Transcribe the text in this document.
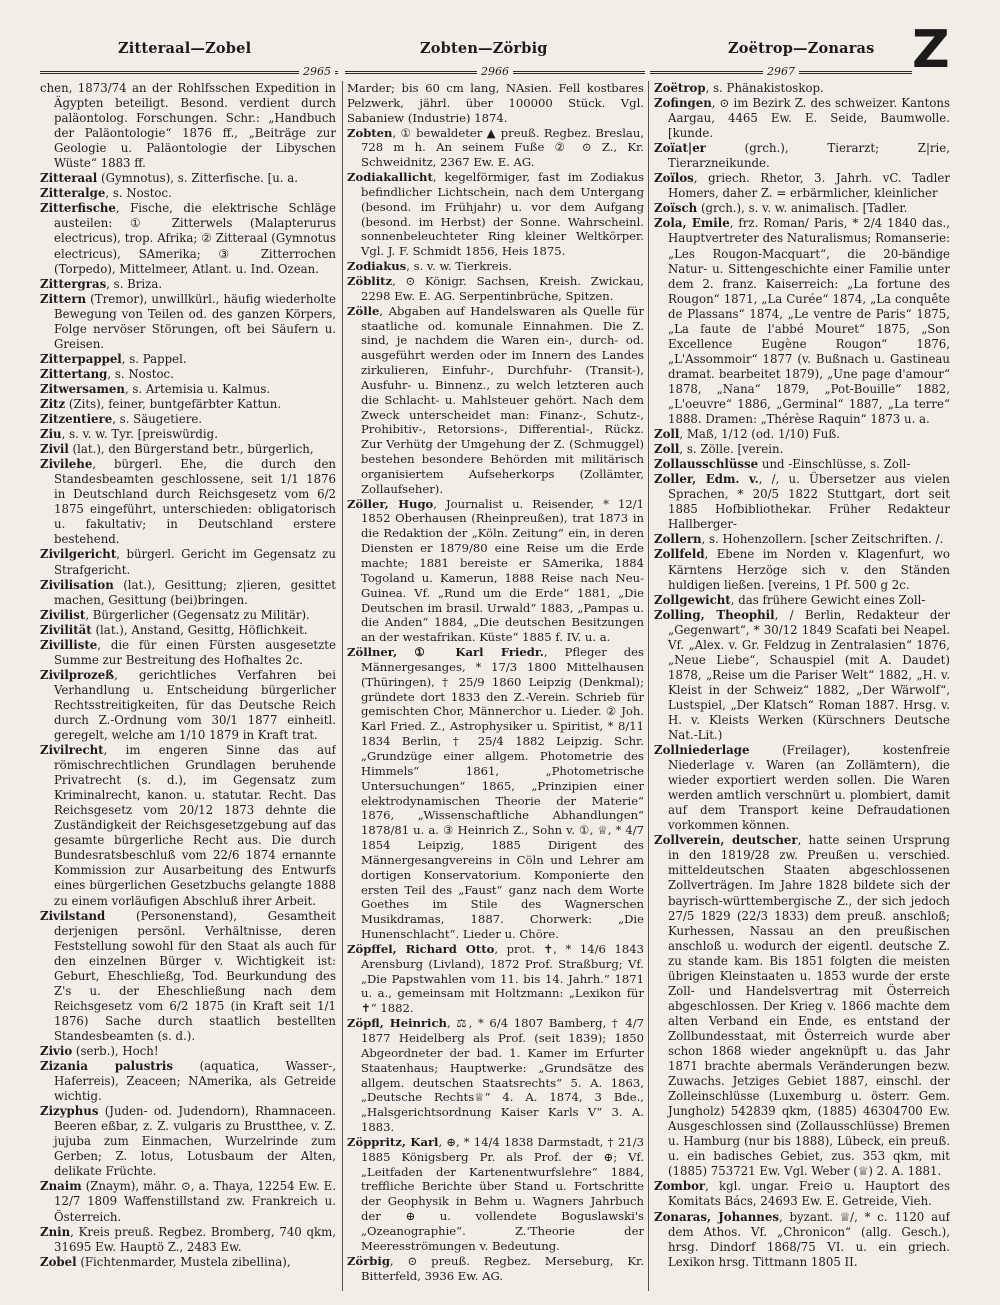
Zitteraal—Zobel	Zobten—Zörbig	Zoëtrop—Zonaras Z
2965	2966	2967

chen, 1873/74 an der Rohlfsschen Expedition in Ägypten beteiligt. Besond. verdient durch paläontolog. Forschungen. Schr.: „Handbuch der Paläontologie“ 1876 ff., „Beiträge zur Geologie u. Paläontologie der Libyschen Wüste“ 1883 ff.

Zitteraal (Gymnotus), s. Zitterfische. [u. a.

Zitteralge, s. Nostoc.

Zitterfische, Fische, die elektrische Schläge austeilen: ① Zitterwels (Malapterurus electricus), trop. Afrika; ② Zitteraal (Gymnotus electricus), SAmerika; ③ Zitterrochen (Torpedo), Mittelmeer, Atlant. u. Ind. Ozean.

Zittergras, s. Briza.

Zittern (Tremor), unwillkürl., häufig wiederholte Bewegung von Teilen od. des ganzen Körpers, Folge nervöser Störungen, oft bei Säufern u. Greisen.

Zitterpappel, s. Pappel.

Zittertang, s. Nostoc.

Zitwersamen, s. Artemisia u. Kalmus.

Zitz (Zits), feiner, buntgefärbter Kattun.

Zitzentiere, s. Säugetiere.

Ziu, s. v. w. Tyr. [preiswürdig.

Zivil (lat.), den Bürgerstand betr., bürgerlich,

Zivilehe, bürgerl. Ehe, die durch den Standesbeamten geschlossene, seit 1/1 1876 in Deutschland durch Reichsgesetz vom 6/2 1875 eingeführt, unterschieden: obligatorisch u. fakultativ; in Deutschland erstere bestehend.

Zivilgericht, bürgerl. Gericht im Gegensatz zu Strafgericht.

Zivilisation (lat.), Gesittung; z|ieren, gesittet machen, Gesittung (bei)bringen.

Zivilist, Bürgerlicher (Gegensatz zu Militär).

Zivilität (lat.), Anstand, Gesittg, Höflichkeit.

Zivilliste, die für einen Fürsten ausgesetzte Summe zur Bestreitung des Hofhaltes 2c.

Zivilprozeß, gerichtliches Verfahren bei Verhandlung u. Entscheidung bürgerlicher Rechtsstreitigkeiten, für das Deutsche Reich durch Z.-Ordnung vom 30/1 1877 einheitl. geregelt, welche am 1/10 1879 in Kraft trat.

Zivilrecht, im engeren Sinne das auf römischrechtlichen Grundlagen beruhende Privatrecht (s. d.), im Gegensatz zum Kriminalrecht, kanon. u. statutar. Recht. Das Reichsgesetz vom 20/12 1873 dehnte die Zuständigkeit der Reichsgesetzgebung auf das gesamte bürgerliche Recht aus. Die durch Bundesratsbeschluß vom 22/6 1874 ernannte Kommission zur Ausarbeitung des Entwurfs eines bürgerlichen Gesetzbuchs gelangte 1888 zu einem vorläufigen Abschluß ihrer Arbeit.

Zivilstand (Personenstand), Gesamtheit derjenigen persönl. Verhältnisse, deren Feststellung sowohl für den Staat als auch für den einzelnen Bürger v. Wichtigkeit ist: Geburt, Eheschließg, Tod. Beurkundung des Z's u. der Eheschließung nach dem Reichsgesetz vom 6/2 1875 (in Kraft seit 1/1 1876) Sache durch staatlich bestellten Standesbeamten (s. d.).

Zivio (serb.), Hoch!

Zizania palustris (aquatica, Wasser-, Haferreis), Zeaceen; NAmerika, als Getreide wichtig.

Zizyphus (Juden- od. Judendorn), Rhamnaceen. Beeren eßbar, z. Z. vulgaris zu Brustthee, v. Z. jujuba zum Einmachen, Wurzelrinde zum Gerben; Z. lotus, Lotusbaum der Alten, delikate Früchte.

Znaim (Znaym), mähr. ⊙, a. Thaya, 12254 Ew. E. 12/7 1809 Waffenstillstand zw. Frankreich u. Österreich.

Znin, Kreis preuß. Regbez. Bromberg, 740 qkm, 31695 Ew. Hauptö Z., 2483 Ew.

Zobel (Fichtenmarder, Mustela zibellina),

Marder; bis 60 cm lang, NAsien. Fell kostbares Pelzwerk, jährl. über 100000 Stück. Vgl. Sabaniew (Industrie) 1874.

Zobten, ① bewaldeter ▲ preuß. Regbez. Breslau, 728 m h. An seinem Fuße ② ⊙ Z., Kr. Schweidnitz, 2367 Ew. E. AG.

Zodiakallicht, kegelförmiger, fast im Zodiakus befindlicher Lichtschein, nach dem Untergang (besond. im Frühjahr) u. vor dem Aufgang (besond. im Herbst) der Sonne. Wahrscheinl. sonnenbeleuchteter Ring kleiner Weltkörper. Vgl. J. F. Schmidt 1856, Heis 1875.

Zodiakus, s. v. w. Tierkreis.

Zöblitz, ⊙ Königr. Sachsen, Kreish. Zwickau, 2298 Ew. E. AG. Serpentinbrüche, Spitzen.

Zölle, Abgaben auf Handelswaren als Quelle für staatliche od. komunale Einnahmen. Die Z. sind, je nachdem die Waren ein-, durch- od. ausgeführt werden oder im Innern des Landes zirkulieren, Einfuhr-, Durchfuhr- (Transit-), Ausfuhr- u. Binnenz., zu welch letzteren auch die Schlacht- u. Mahlsteuer gehört. Nach dem Zweck unterscheidet man: Finanz-, Schutz-, Prohibitiv-, Retorsions-, Differential-, Rückz. Zur Verhütg der Umgehung der Z. (Schmuggel) bestehen besondere Behörden mit militärisch organisiertem Aufseherkorps (Zollämter, Zollaufseher).

Zöller, Hugo, Journalist u. Reisender, * 12/1 1852 Oberhausen (Rheinpreußen), trat 1873 in die Redaktion der „Köln. Zeitung“ ein, in deren Diensten er 1879/80 eine Reise um die Erde machte; 1881 bereiste er SAmerika, 1884 Togoland u. Kamerun, 1888 Reise nach Neu-Guinea. Vf. „Rund um die Erde“ 1881, „Die Deutschen im brasil. Urwald“ 1883, „Pampas u. die Anden“ 1884, „Die deutschen Besitzungen an der westafrikan. Küste“ 1885 f. IV. u. a.

Zöllner, ① Karl Friedr., Pfleger des Männergesanges, * 17/3 1800 Mittelhausen (Thüringen), † 25/9 1860 Leipzig (Denkmal); gründete dort 1833 den Z.-Verein. Schrieb für gemischten Chor, Männerchor u. Lieder. ② Joh. Karl Fried. Z., Astrophysiker u. Spiritist, * 8/11 1834 Berlin, † 25/4 1882 Leipzig. Schr. „Grundzüge einer allgem. Photometrie des Himmels“ 1861, „Photometrische Untersuchungen“ 1865, „Prinzipien einer elektrodynamischen Theorie der Materie“ 1876, „Wissenschaftliche Abhandlungen“ 1878/81 u. a. ③ Heinrich Z., Sohn v. ①, ♕, * 4/7 1854 Leipzig, 1885 Dirigent des Männergesangvereins in Cöln und Lehrer am dortigen Konservatorium. Komponierte den ersten Teil des „Faust“ ganz nach dem Worte Goethes im Stile des Wagnerschen Musikdramas, 1887. Chorwerk: „Die Hunenschlacht“. Lieder u. Chöre.

Zöpffel, Richard Otto, prot. ✝, * 14/6 1843 Arensburg (Livland), 1872 Prof. Straßburg; Vf. „Die Papstwahlen vom 11. bis 14. Jahrh.“ 1871 u. a., gemeinsam mit Holtzmann: „Lexikon für ✝“ 1882.

Zöpfl, Heinrich, ⚖, * 6/4 1807 Bamberg, † 4/7 1877 Heidelberg als Prof. (seit 1839); 1850 Abgeordneter der bad. 1. Kamer im Erfurter Staatenhaus; Hauptwerke: „Grundsätze des allgem. deutschen Staatsrechts“ 5. A. 1863, „Deutsche Rechts♕“ 4. A. 1874, 3 Bde., „Halsgerichtsordnung Kaiser Karls V“ 3. A. 1883.

Zöppritz, Karl, ⊕, * 14/4 1838 Darmstadt, † 21/3 1885 Königsberg Pr. als Prof. der ⊕; Vf. „Leitfaden der Kartenentwurfslehre“ 1884, treffliche Berichte über Stand u. Fortschritte der Geophysik in Behm u. Wagners Jahrbuch der ⊕ u. vollendete Boguslawski's „Ozeanographie“. Z.'Theorie der Meeresströmungen v. Bedeutung.

Zörbig, ⊙ preuß. Regbez. Merseburg, Kr. Bitterfeld, 3936 Ew. AG.

Zoëtrop, s. Phänakistoskop.

Zofingen, ⊙ im Bezirk Z. des schweizer. Kantons Aargau, 4465 Ew. E. Seide, Baumwolle. [kunde.

Zoïat|er (grch.), Tierarzt; Z|rie, Tierarzneikunde.

Zoïlos, griech. Rhetor, 3. Jahrh. vC. Tadler Homers, daher Z. = erbärmlicher, kleinlicher

Zoïsch (grch.), s. v. w. animalisch. [Tadler.

Zola, Emile, frz. Roman/ Paris, * 2/4 1840 das., Hauptvertreter des Naturalismus; Romanserie: „Les Rougon-Macquart“, die 20-bändige Natur- u. Sittengeschichte einer Familie unter dem 2. franz. Kaiserreich: „La fortune des Rougon“ 1871, „La Curée“ 1874, „La conquête de Plassans“ 1874, „Le ventre de Paris“ 1875, „La faute de l'abbé Mouret“ 1875, „Son Excellence Eugène Rougon“ 1876, „L'Assommoir“ 1877 (v. Bußnach u. Gastineau dramat. bearbeitet 1879), „Une page d'amour“ 1878, „Nana“ 1879, „Pot-Bouille“ 1882, „L'oeuvre“ 1886, „Germinal“ 1887, „La terre“ 1888. Dramen: „Thérèse Raquin“ 1873 u. a.

Zoll, Maß, 1/12 (od. 1/10) Fuß.

Zoll, s. Zölle. [verein.

Zollausschlüsse und -Einschlüsse, s. Zoll-

Zoller, Edm. v., /, u. Übersetzer aus vielen Sprachen, * 20/5 1822 Stuttgart, dort seit 1885 Hofbibliothekar. Früher Redakteur Hallberger-

Zollern, s. Hohenzollern. [scher Zeitschriften. /.

Zollfeld, Ebene im Norden v. Klagenfurt, wo Kärntens Herzöge sich v. den Ständen huldigen ließen. [vereins, 1 Pf. 500 g 2c.

Zollgewicht, das frühere Gewicht eines Zoll-

Zolling, Theophil, / Berlin, Redakteur der „Gegenwart“, * 30/12 1849 Scafati bei Neapel. Vf. „Alex. v. Gr. Feldzug in Zentralasien“ 1876, „Neue Liebe“, Schauspiel (mit A. Daudet) 1878, „Reise um die Pariser Welt“ 1882, „H. v. Kleist in der Schweiz“ 1882, „Der Wärwolf“, Lustspiel, „Der Klatsch“ Roman 1887. Hrsg. v. H. v. Kleists Werken (Kürschners Deutsche Nat.-Lit.)

Zollniederlage (Freilager), kostenfreie Niederlage v. Waren (an Zollämtern), die wieder exportiert werden sollen. Die Waren werden amtlich verschnürt u. plombiert, damit auf dem Transport keine Defraudationen vorkommen können.

Zollverein, deutscher, hatte seinen Ursprung in den 1819/28 zw. Preußen u. verschied. mitteldeutschen Staaten abgeschlossenen Zollverträgen. Im Jahre 1828 bildete sich der bayrisch-württembergische Z., der sich jedoch 27/5 1829 (22/3 1833) dem preuß. anschloß; Kurhessen, Nassau an den preußischen anschloß u. wodurch der eigentl. deutsche Z. zu stande kam. Bis 1851 folgten die meisten übrigen Kleinstaaten u. 1853 wurde der erste Zoll- und Handelsvertrag mit Österreich abgeschlossen. Der Krieg v. 1866 machte dem alten Verband ein Ende, es entstand der Zollbundesstaat, mit Österreich wurde aber schon 1868 wieder angeknüpft u. das Jahr 1871 brachte abermals Veränderungen bezw. Zuwachs. Jetziges Gebiet 1887, einschl. der Zolleinschlüsse (Luxemburg u. österr. Gem. Jungholz) 542839 qkm, (1885) 46304700 Ew. Ausgeschlossen sind (Zollausschlüsse) Bremen u. Hamburg (nur bis 1888), Lübeck, ein preuß. u. ein badisches Gebiet, zus. 353 qkm, mit (1885) 753721 Ew. Vgl. Weber (♕) 2. A. 1881.

Zombor, kgl. ungar. Frei⊙ u. Hauptort des Komitats Bács, 24693 Ew. E. Getreide, Vieh.

Zonaras, Johannes, byzant. ♕/, * c. 1120 auf dem Athos. Vf. „Chronicon“ (allg. Gesch.), hrsg. Dindorf 1868/75 VI. u. ein griech. Lexikon hrsg. Tittmann 1805 II.
